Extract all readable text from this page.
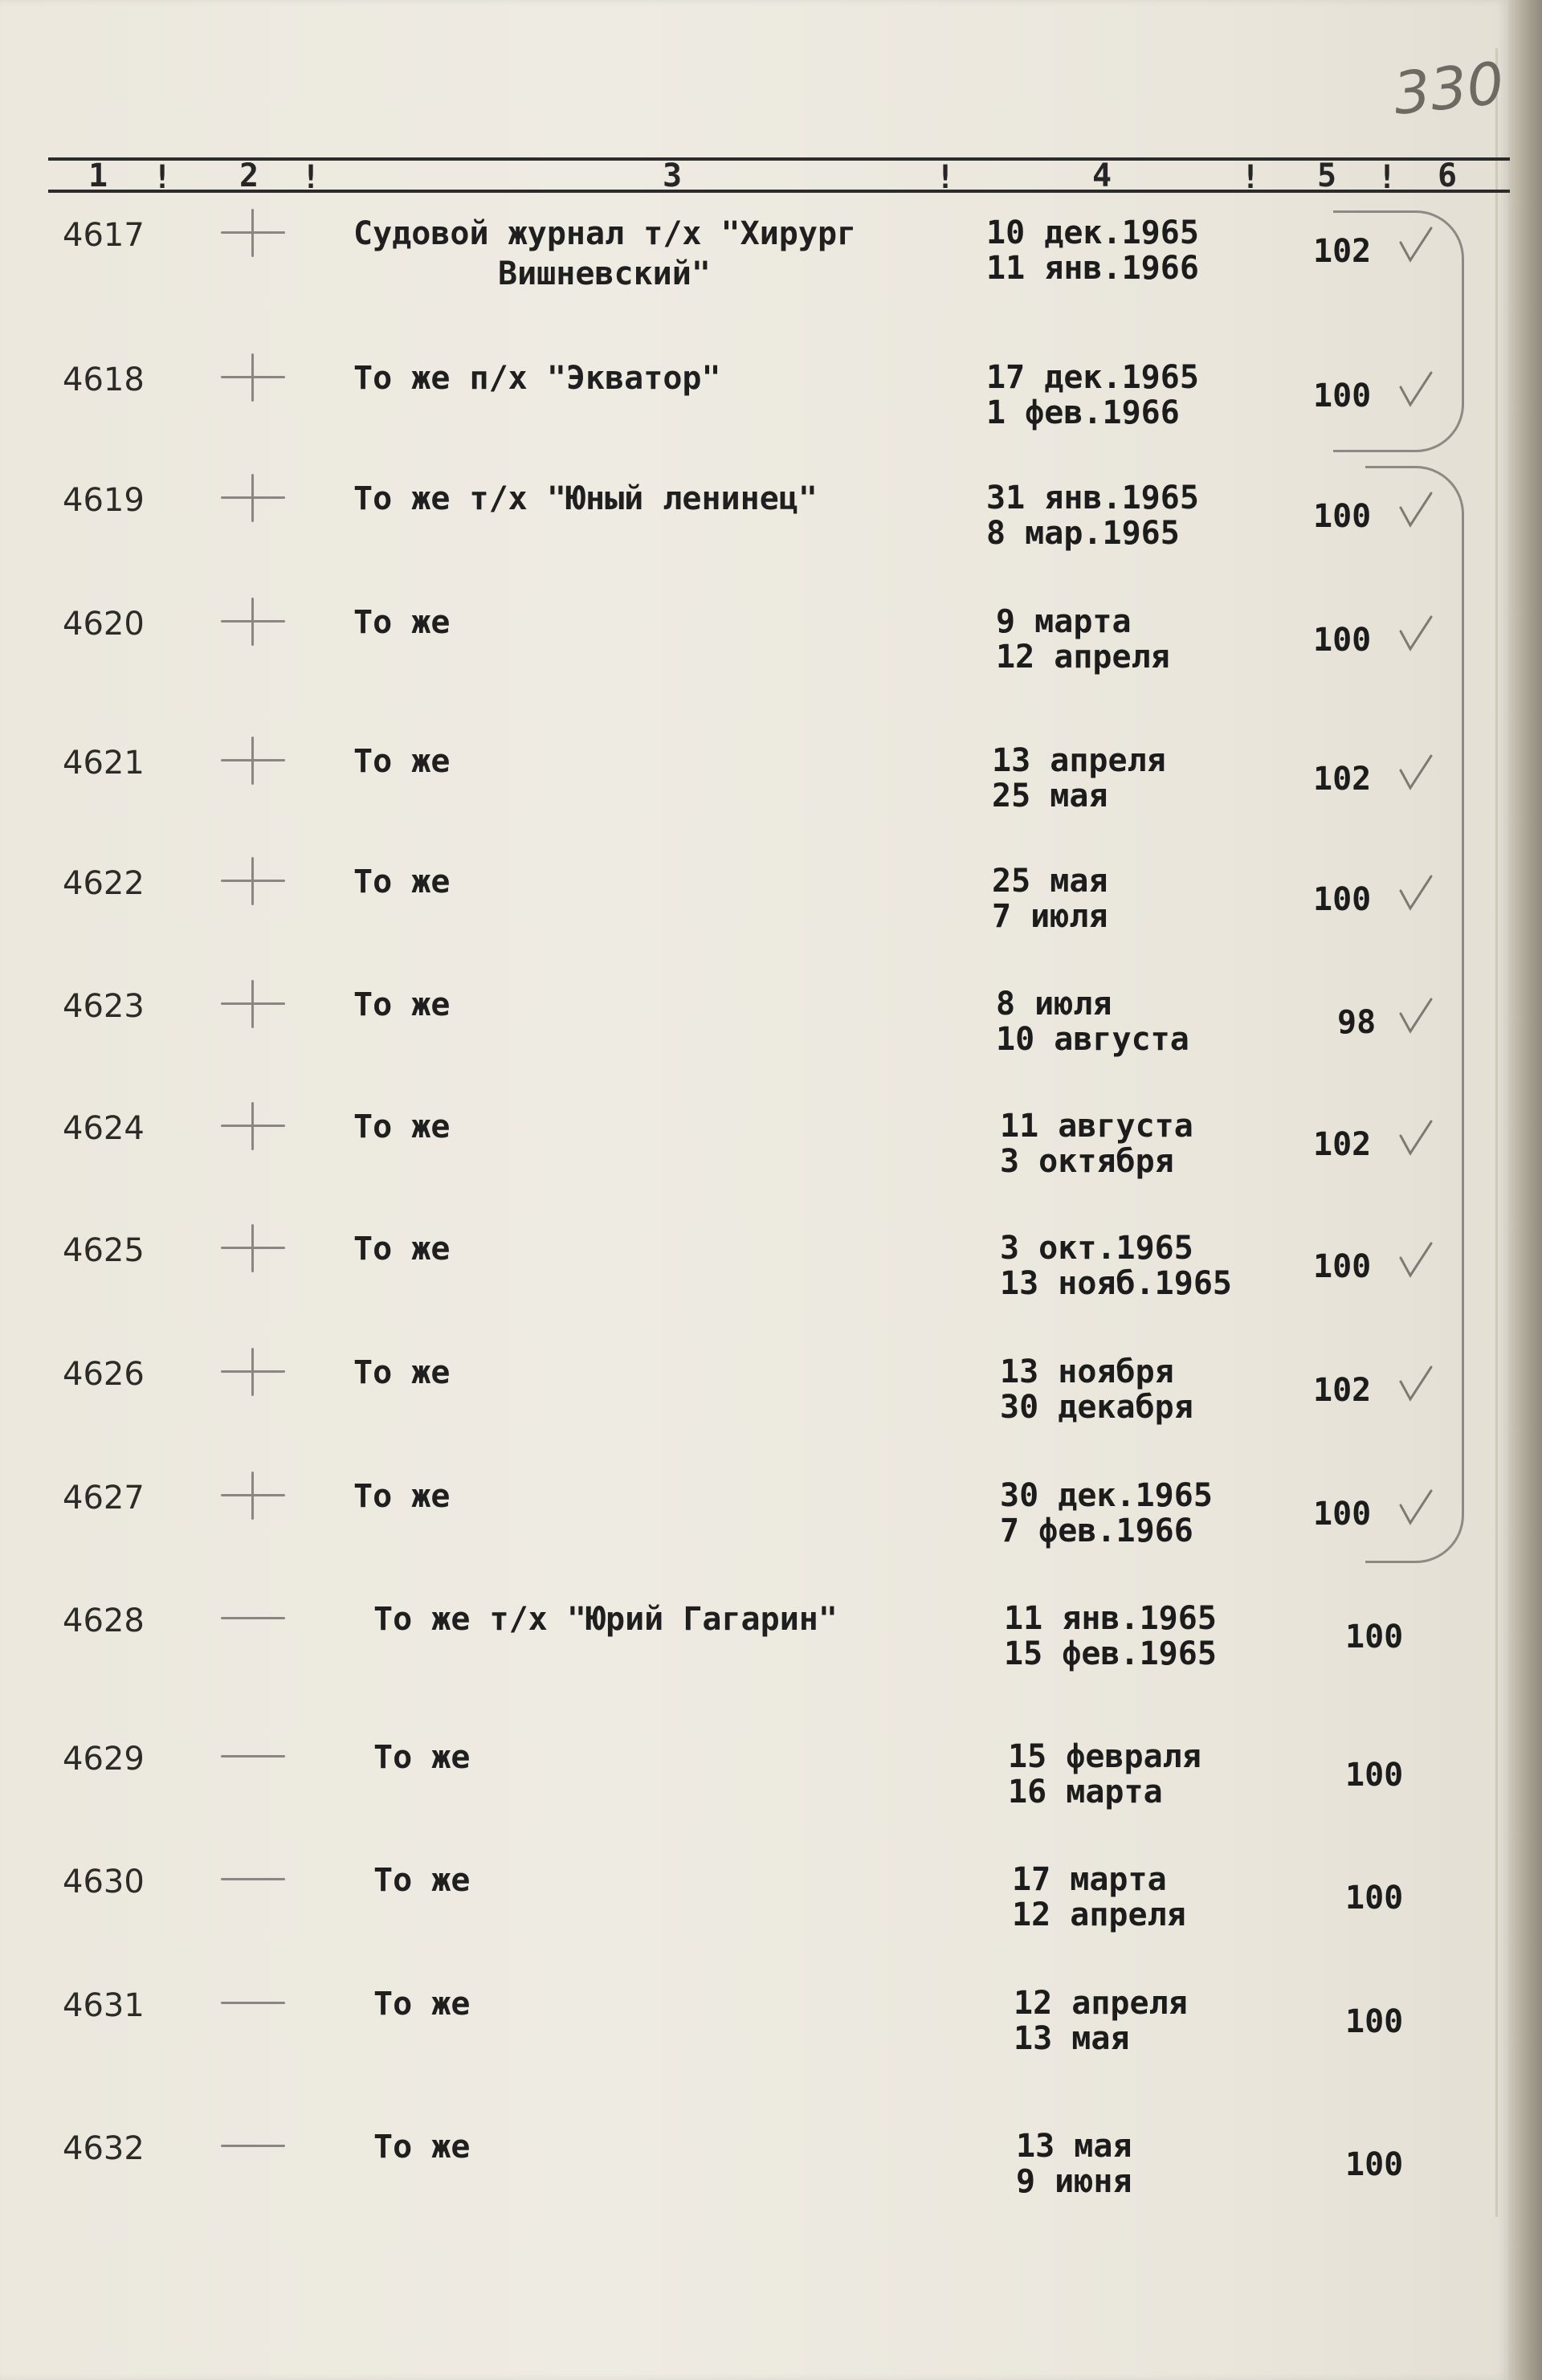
330
1 ! 2 !	3	!	4	! 5 ! 6
4617	Судовой журнал т/х "Хирург
Вишневский"
10 дек.1965
11 янв.1966	102
4618	То же п/х "Экватор"	17 дек.1965
1 фев.1966	100
4619	То же т/х "Юный ленинец"	31 янв.1965
8 мар.1965	100
4620	То же	9 марта
12 апреля	100
4621	То же	13 апреля
25 мая	102
4622	То же	25 мая
7 июля	100
4623	То же	8 июля
10 августа	98
4624	То же	11 августа
3 октября	102
4625	То же	3 окт.1965
13 нояб.1965	100
4626	То же	13 ноября
30 декабря	102
4627	То же	30 дек.1965
7 фев.1966	100
4628	То же т/х "Юрий Гагарин"	11 янв.1965
15 фев.1965	100
4629	То же	15 февраля
16 марта	100
4630	То же	17 марта
12 апреля	100
4631	То же	12 апреля
13 мая	100
4632	То же	13 мая
9 июня	100
